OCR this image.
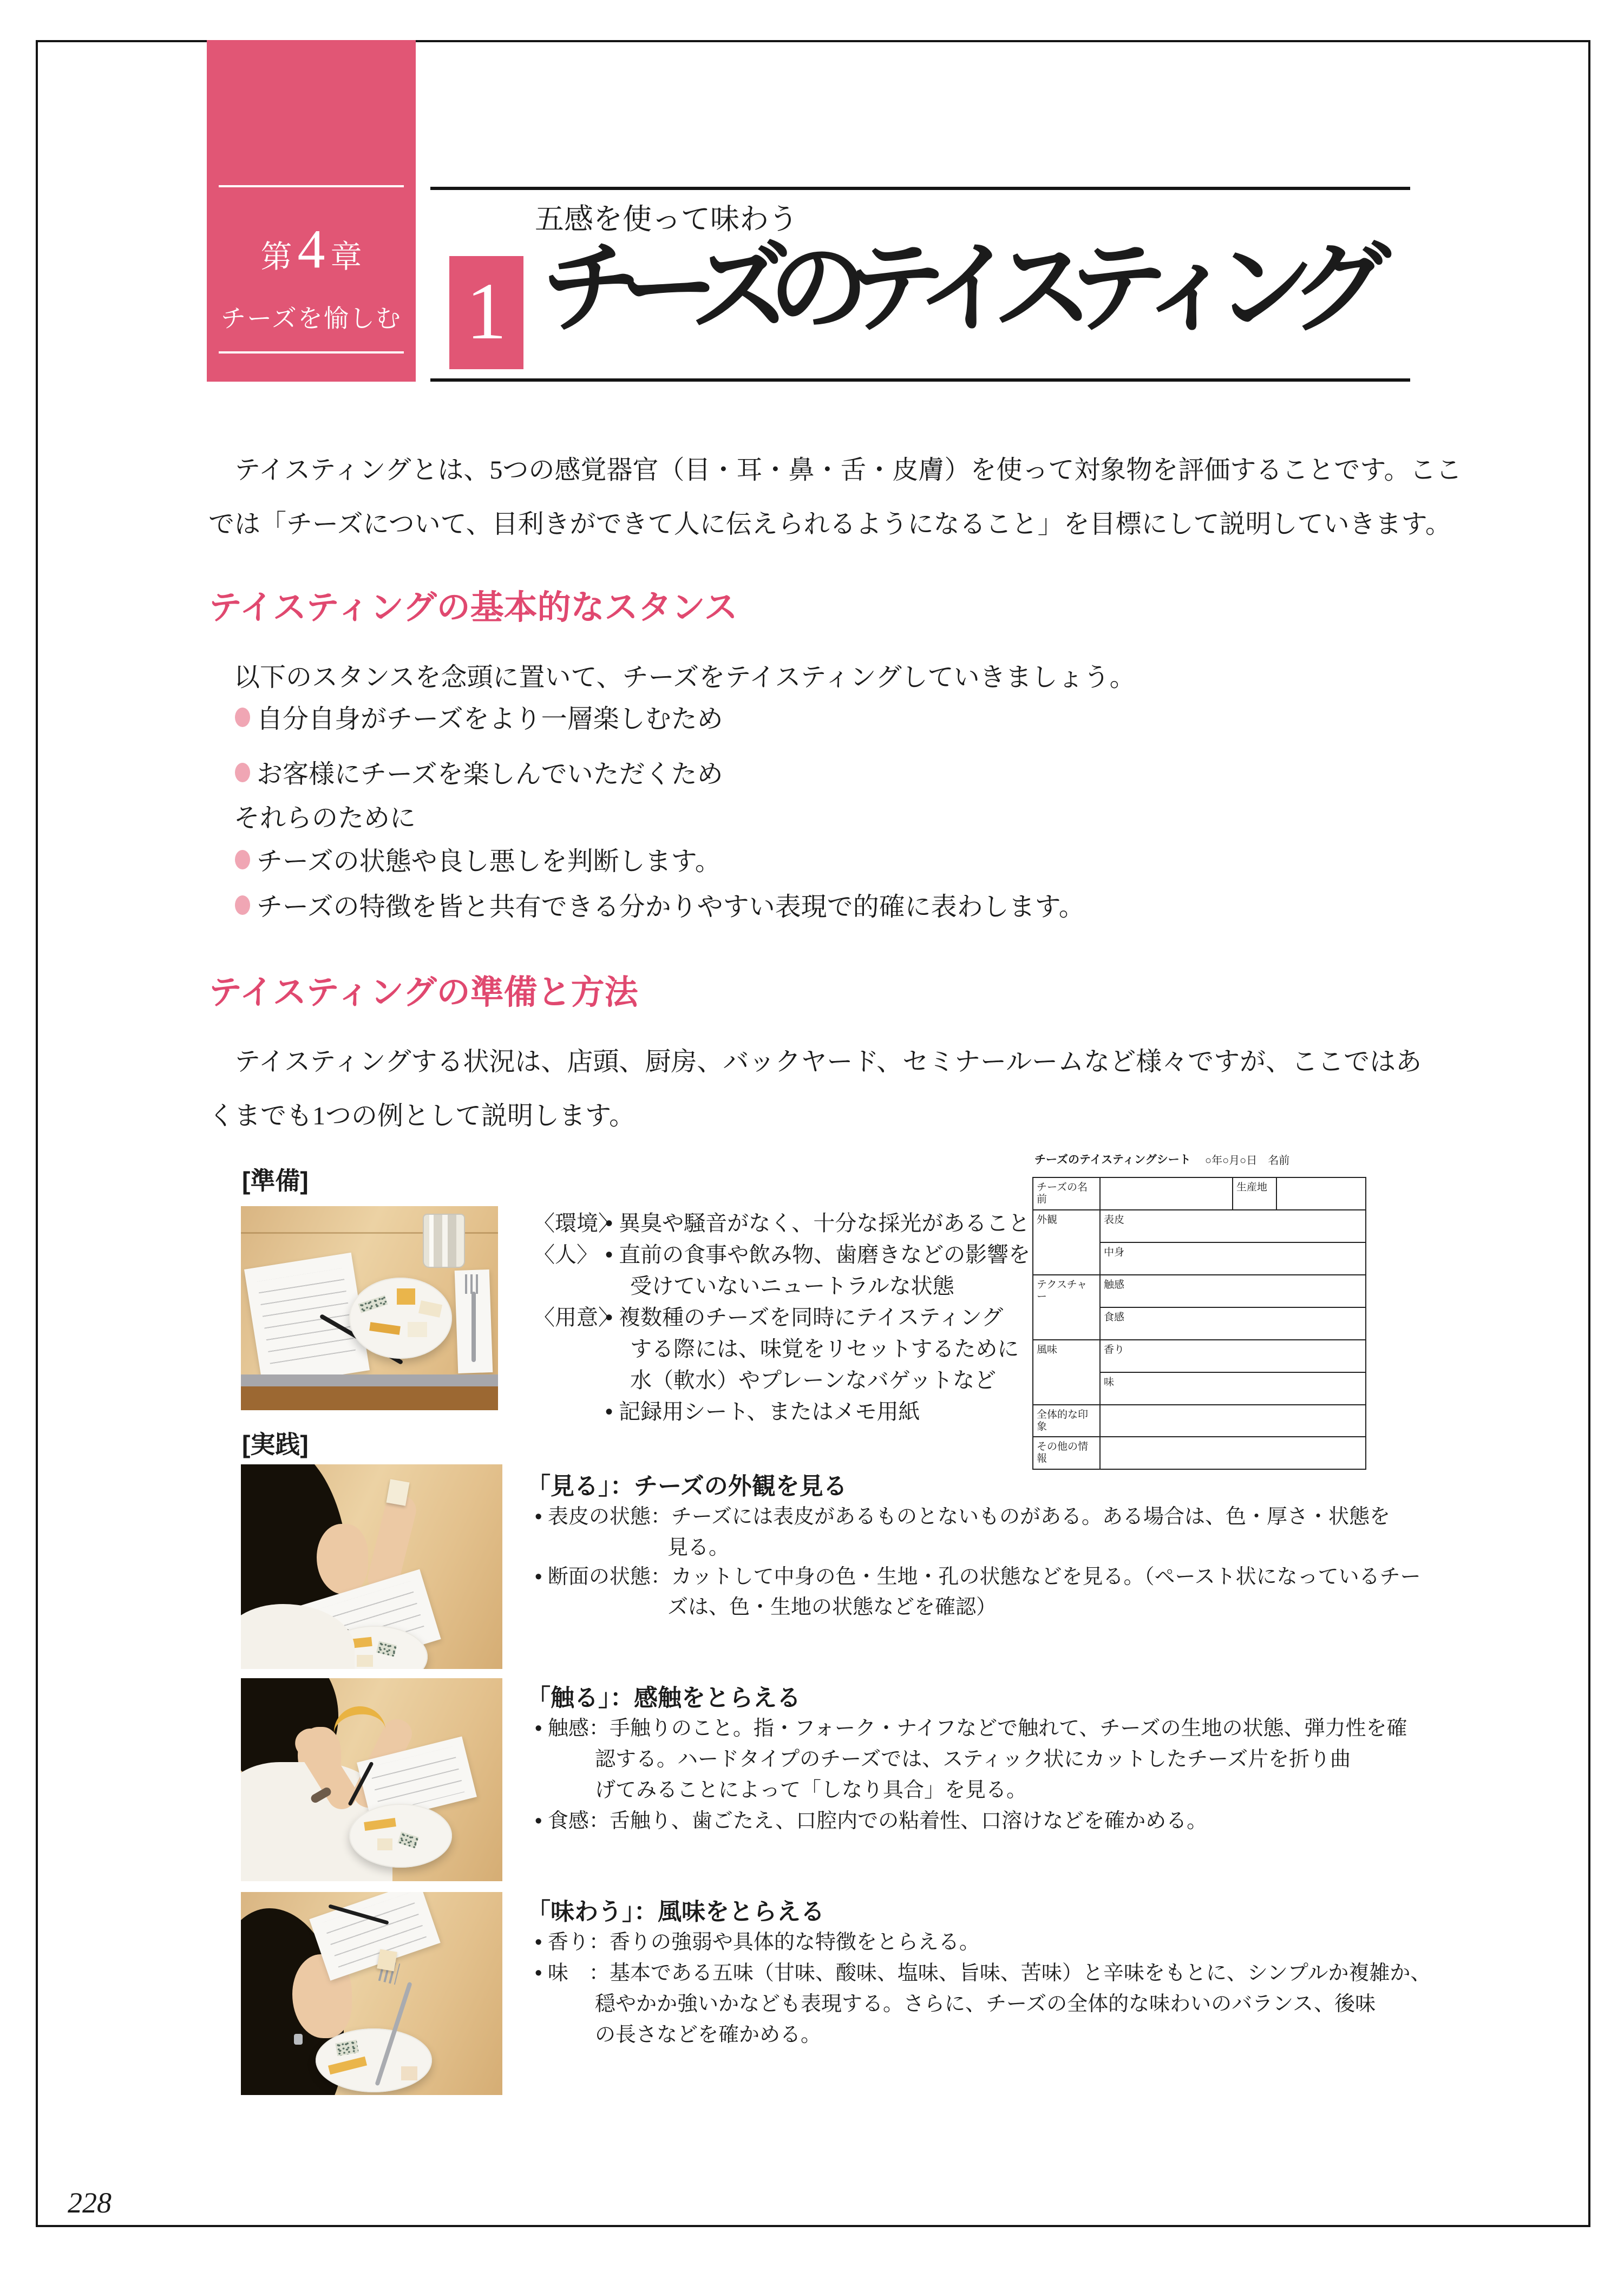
第4 章
チーズを愉しむ
五感を使って味わう
1 チーズのテイスティング
テイスティングとは、5つの感覚器官（目・耳・鼻・舌・皮膚）を使って対象物を評価することです。ここ
では「チーズについて、目利きができて人に伝えられるようになること」を目標にして説明していきます。
テイスティングの基本的なスタンス
以下のスタンスを念頭に置いて、チーズをテイスティングしていきましょう。
自分自身がチーズをより一層楽しむため
お客様にチーズを楽しんでいただくため
それらのために
チーズの状態や良し悪しを判断します。
チーズの特徴を皆と共有できる分かりやすい表現で的確に表わします。
テイスティングの準備と方法
テイスティングする状況は、店頭、厨房、バックヤード、セミナールームなど様々ですが、ここではあ
くまでも1つの例として説明します。
チーズのテイスティングシート ○年○月○日　名前
チーズの名前		生産地	
外観	表皮		
	中身		
テクスチャー	触感		
	食感		
風味	香り		
	味		
全体的な印象			
その他の情報			
[準備]
〈環境〉
• 異臭や騒音がなく、十分な採光があること
〈人〉 • 直前の食事や飲み物、歯磨きなどの影響を
受けていないニュートラルな状態
〈用意〉
• 複数種のチーズを同時にテイスティング
する際には、味覚をリセットするために
水（軟水）やプレーンなバゲットなど
• 記録用シート、またはメモ用紙
[実践]
「見る」：チーズの外観を見る
• 表皮の状態：チーズには表皮があるものとないものがある。ある場合は、色・厚さ・状態を
見る。
• 断面の状態：カットして中身の色・生地・孔の状態などを見る。（ペースト状になっているチー
ズは、色・生地の状態などを確認）
「触る」：感触をとらえる
• 触感：手触りのこと。指・フォーク・ナイフなどで触れて、チーズの生地の状態、弾力性を確
認する。ハードタイプのチーズでは、スティック状にカットしたチーズ片を折り曲
げてみることによって「しなり具合」を見る。
• 食感：舌触り、歯ごたえ、口腔内での粘着性、口溶けなどを確かめる。
「味わう」：風味をとらえる
• 香り：香りの強弱や具体的な特徴をとらえる。
• 味　：基本である五味（甘味、酸味、塩味、旨味、苦味）と辛味をもとに、シンプルか複雑か、
穏やかか強いかなども表現する。さらに、チーズの全体的な味わいのバランス、後味
の長さなどを確かめる。
228
